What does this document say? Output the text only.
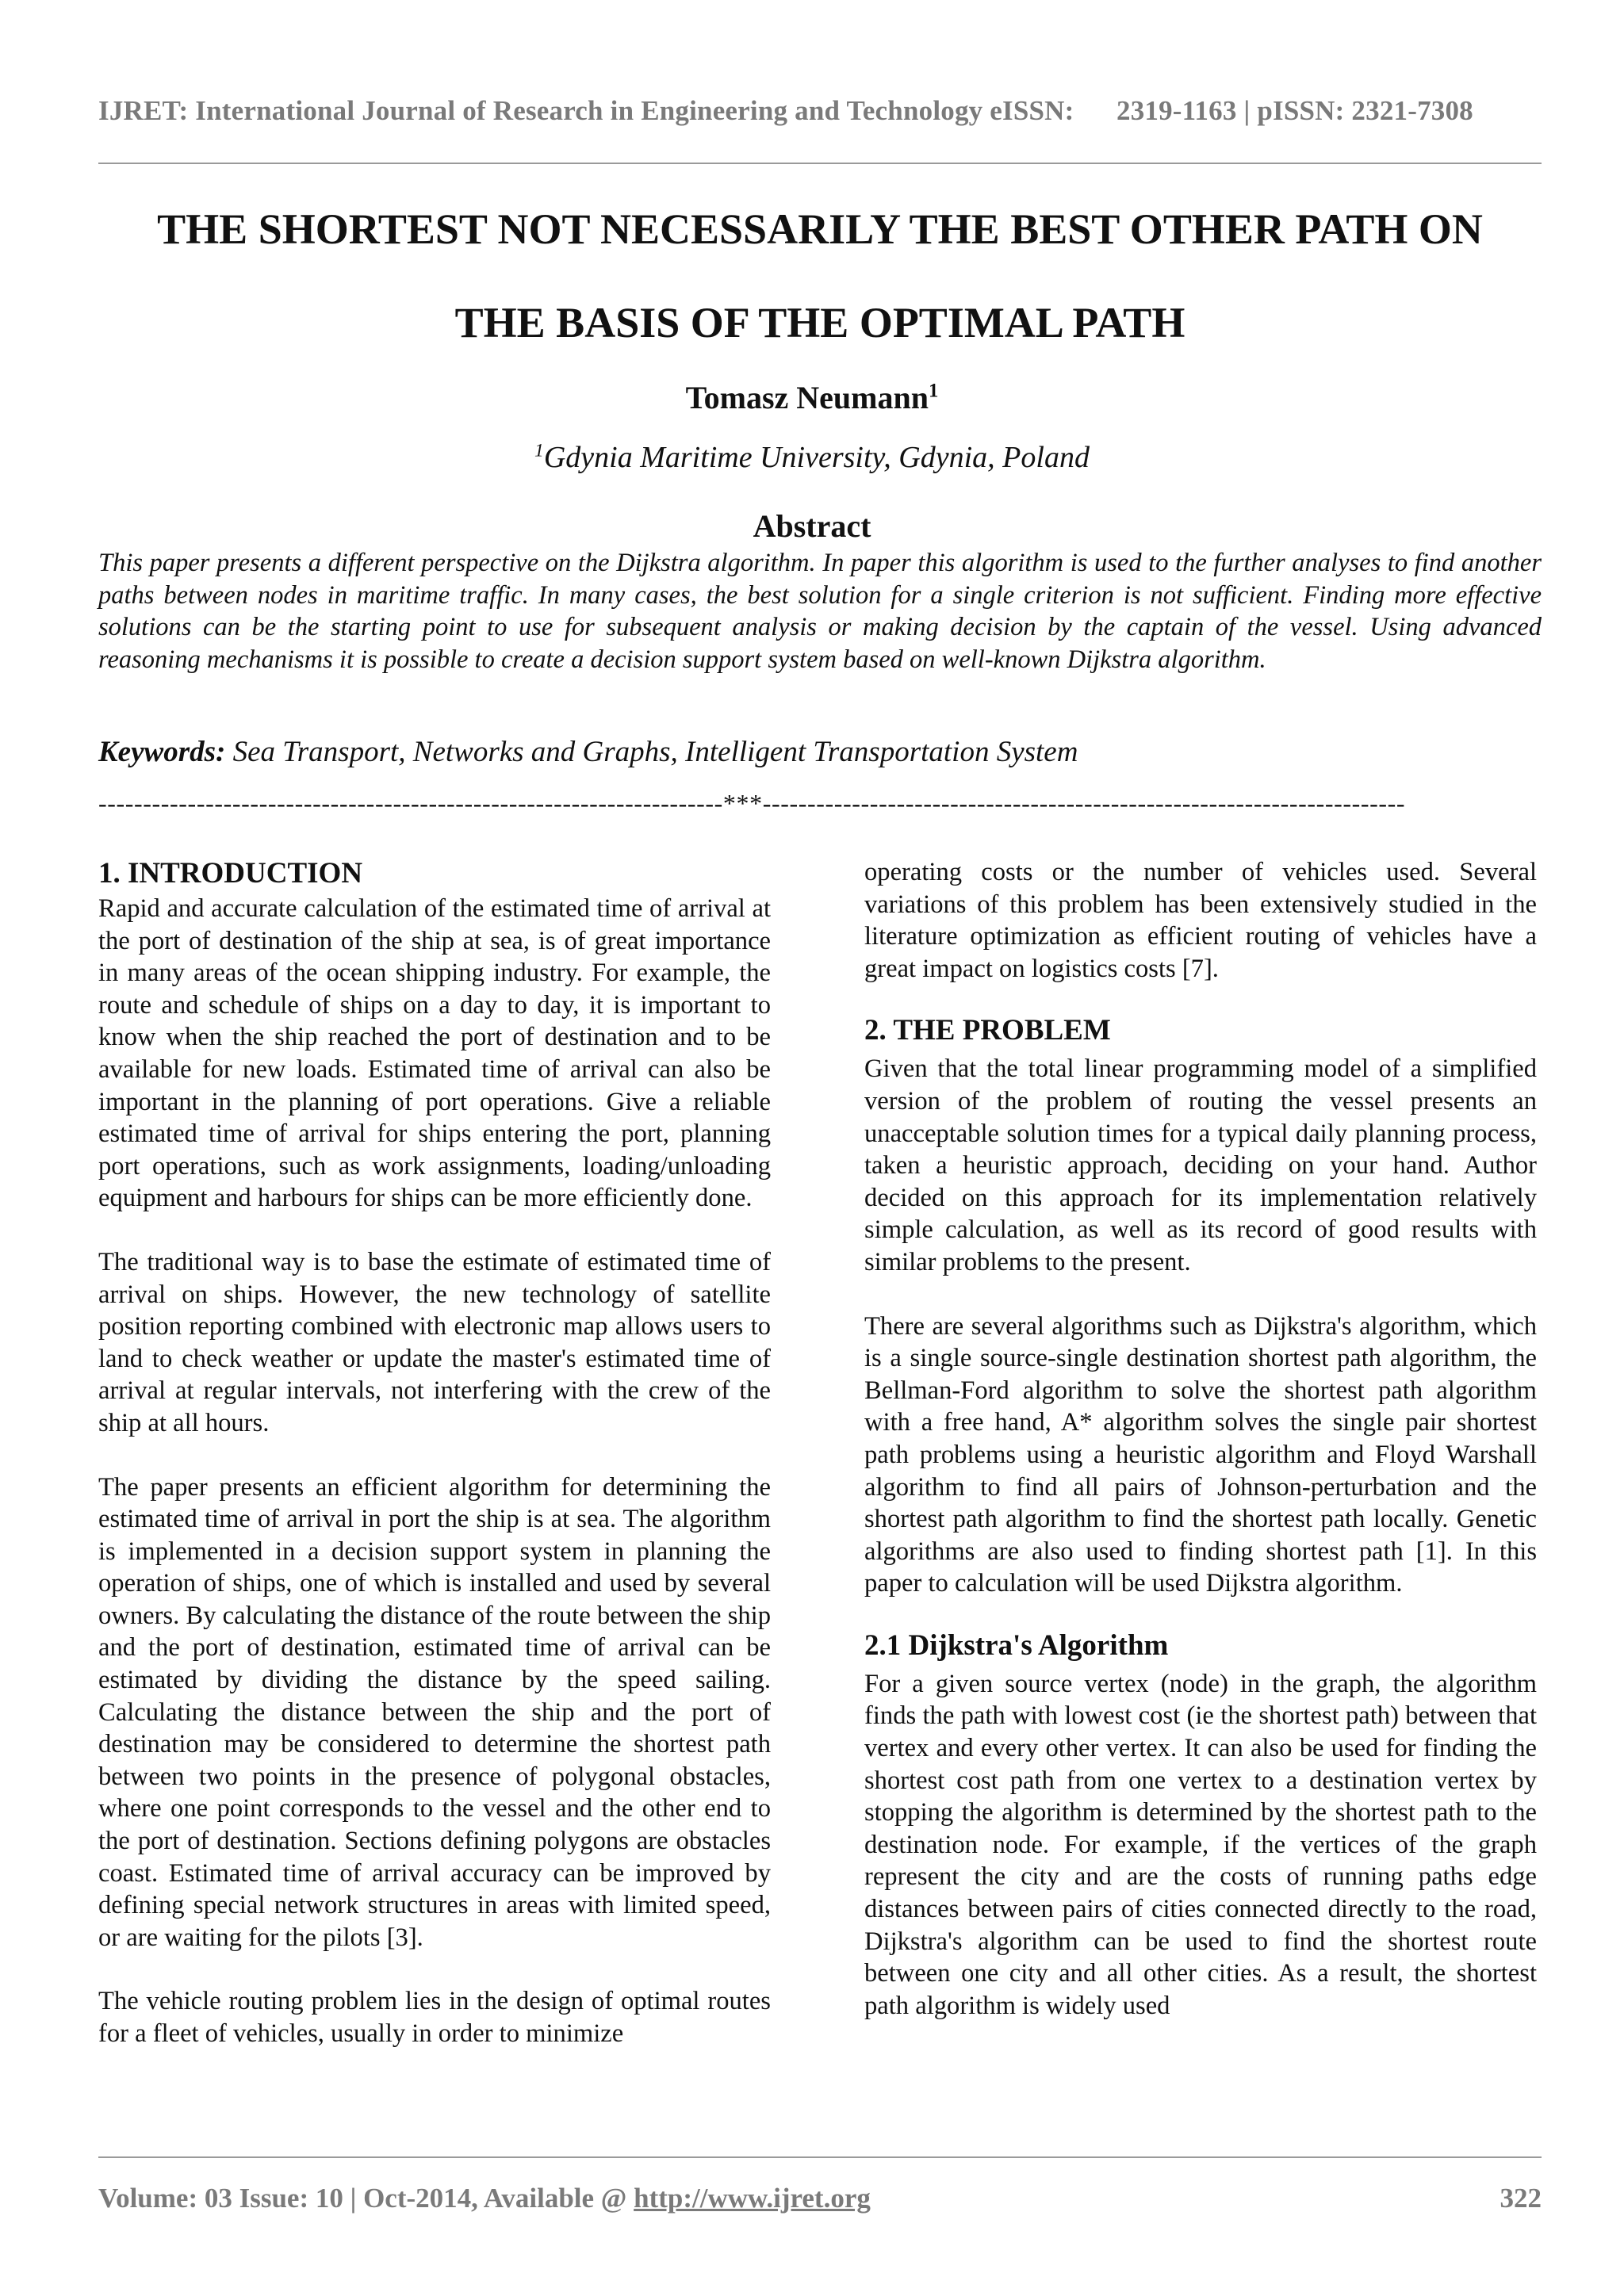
IJRET: International Journal of Research in Engineering and Technology eISSN: 2319-1163 | pISSN: 2321-7308
THE SHORTEST NOT NECESSARILY THE BEST OTHER PATH ON
THE BASIS OF THE OPTIMAL PATH
Tomasz Neumann$^1$
$^1$Gdynia Maritime University, Gdynia, Poland
Abstract

This paper presents a different perspective on the Dijkstra algorithm. In paper this algorithm is used to the further analyses to find another paths between nodes in maritime traffic. In many cases, the best solution for a single criterion is not sufficient. Finding more effective solutions can be the starting point to use for subsequent analysis or making decision by the captain of the vessel. Using advanced reasoning mechanisms it is possible to create a decision support system based on well-known Dijkstra algorithm.

Keywords: Sea Transport, Networks and Graphs, Intelligent Transportation System
----------------------------------------------------------------------***------------------------------------------------------------------------
1. INTRODUCTION

Rapid and accurate calculation of the estimated time of arrival at the port of destination of the ship at sea, is of great importance in many areas of the ocean shipping industry. For example, the route and schedule of ships on a day to day, it is important to know when the ship reached the port of destination and to be available for new loads. Estimated time of arrival can also be important in the planning of port operations. Give a reliable estimated time of arrival for ships entering the port, planning port operations, such as work assignments, loading/unloading equipment and harbours for ships can be more efficiently done.

The traditional way is to base the estimate of estimated time of arrival on ships. However, the new technology of satellite position reporting combined with electronic map allows users to land to check weather or update the master's estimated time of arrival at regular intervals, not interfering with the crew of the ship at all hours.

The paper presents an efficient algorithm for determining the estimated time of arrival in port the ship is at sea. The algorithm is implemented in a decision support system in planning the operation of ships, one of which is installed and used by several owners. By calculating the distance of the route between the ship and the port of destination, estimated time of arrival can be estimated by dividing the distance by the speed sailing. Calculating the distance between the ship and the port of destination may be considered to determine the shortest path between two points in the presence of polygonal obstacles, where one point corresponds to the vessel and the other end to the port of destination. Sections defining polygons are obstacles coast. Estimated time of arrival accuracy can be improved by defining special network structures in areas with limited speed, or are waiting for the pilots [3].

The vehicle routing problem lies in the design of optimal routes for a fleet of vehicles, usually in order to minimize

operating costs or the number of vehicles used. Several variations of this problem has been extensively studied in the literature optimization as efficient routing of vehicles have a great impact on logistics costs [7].

2. THE PROBLEM

Given that the total linear programming model of a simplified version of the problem of routing the vessel presents an unacceptable solution times for a typical daily planning process, taken a heuristic approach, deciding on your hand. Author decided on this approach for its implementation relatively simple calculation, as well as its record of good results with similar problems to the present.

There are several algorithms such as Dijkstra's algorithm, which is a single source-single destination shortest path algorithm, the Bellman-Ford algorithm to solve the shortest path algorithm with a free hand, A* algorithm solves the single pair shortest path problems using a heuristic algorithm and Floyd Warshall algorithm to find all pairs of Johnson-perturbation and the shortest path algorithm to find the shortest path locally. Genetic algorithms are also used to finding shortest path [1]. In this paper to calculation will be used Dijkstra algorithm.

2.1 Dijkstra's Algorithm

For a given source vertex (node) in the graph, the algorithm finds the path with lowest cost (ie the shortest path) between that vertex and every other vertex. It can also be used for finding the shortest cost path from one vertex to a destination vertex by stopping the algorithm is determined by the shortest path to the destination node. For example, if the vertices of the graph represent the city and are the costs of running paths edge distances between pairs of cities connected directly to the road, Dijkstra's algorithm can be used to find the shortest route between one city and all other cities. As a result, the shortest path algorithm is widely used

Volume: 03 Issue: 10 | Oct-2014, Available @ http://www.ijret.org	322
